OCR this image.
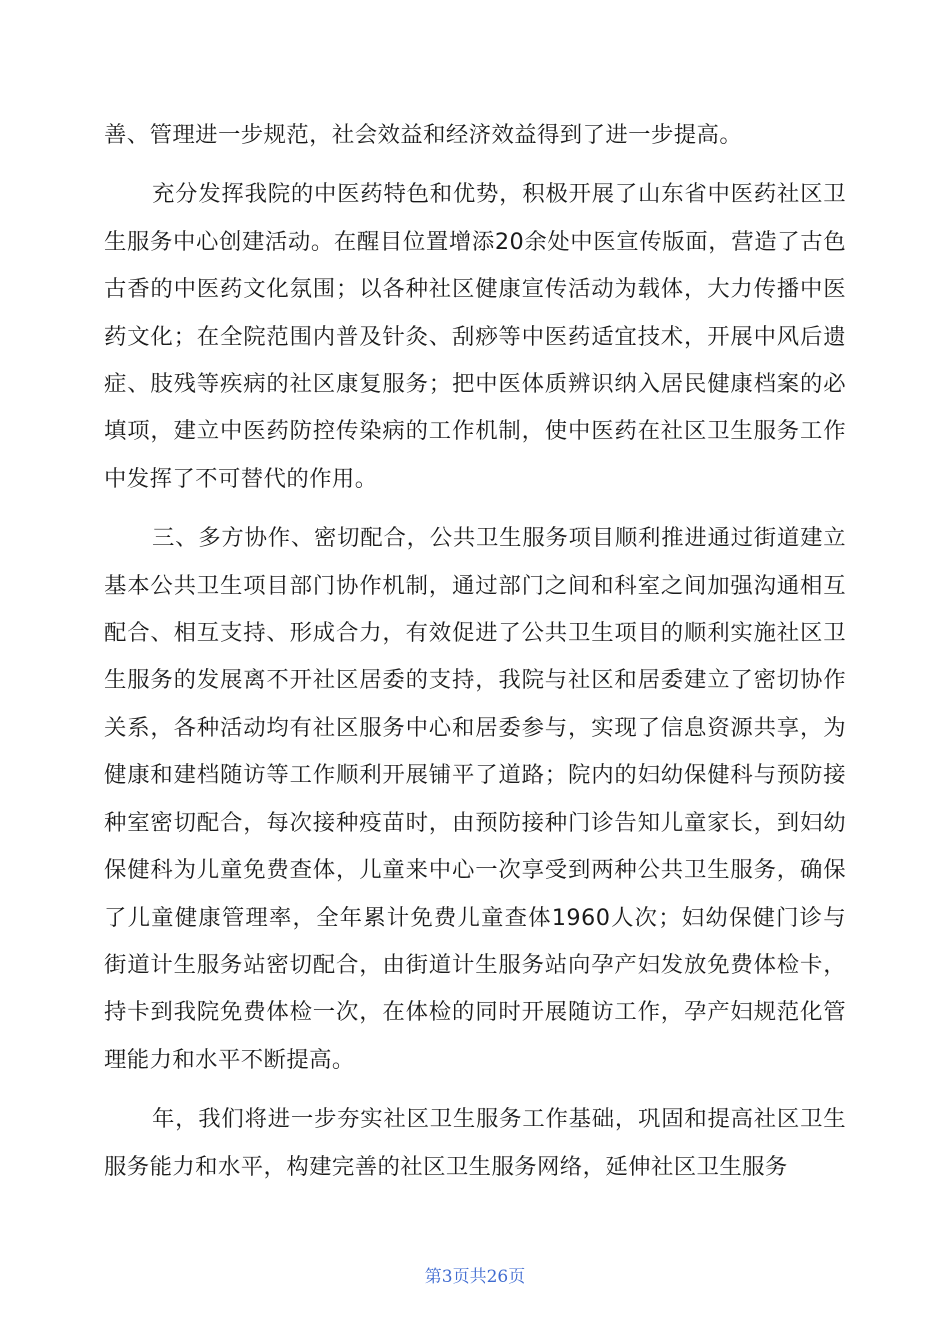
善、管理进一步规范，社会效益和经济效益得到了进一步提高。

充分发挥我院的中医药特色和优势，积极开展了山东省中医药社区卫生服务中心创建活动。在醒目位置增添20余处中医宣传版面，营造了古色古香的中医药文化氛围；以各种社区健康宣传活动为载体，大力传播中医药文化；在全院范围内普及针灸、刮痧等中医药适宜技术，开展中风后遗症、肢残等疾病的社区康复服务；把中医体质辨识纳入居民健康档案的必填项，建立中医药防控传染病的工作机制，使中医药在社区卫生服务工作中发挥了不可替代的作用。

三、多方协作、密切配合，公共卫生服务项目顺利推进通过街道建立基本公共卫生项目部门协作机制，通过部门之间和科室之间加强沟通相互配合、相互支持、形成合力，有效促进了公共卫生项目的顺利实施社区卫生服务的发展离不开社区居委的支持，我院与社区和居委建立了密切协作关系，各种活动均有社区服务中心和居委参与，实现了信息资源共享，为健康和建档随访等工作顺利开展铺平了道路；院内的妇幼保健科与预防接种室密切配合，每次接种疫苗时，由预防接种门诊告知儿童家长，到妇幼保健科为儿童免费查体，儿童来中心一次享受到两种公共卫生服务，确保了儿童健康管理率，全年累计免费儿童查体1960人次；妇幼保健门诊与街道计生服务站密切配合，由街道计生服务站向孕产妇发放免费体检卡，持卡到我院免费体检一次，在体检的同时开展随访工作，孕产妇规范化管理能力和水平不断提高。

年，我们将进一步夯实社区卫生服务工作基础，巩固和提高社区卫生服务能力和水平，构建完善的社区卫生服务网络，延伸社区卫生服务

第3页共26页
